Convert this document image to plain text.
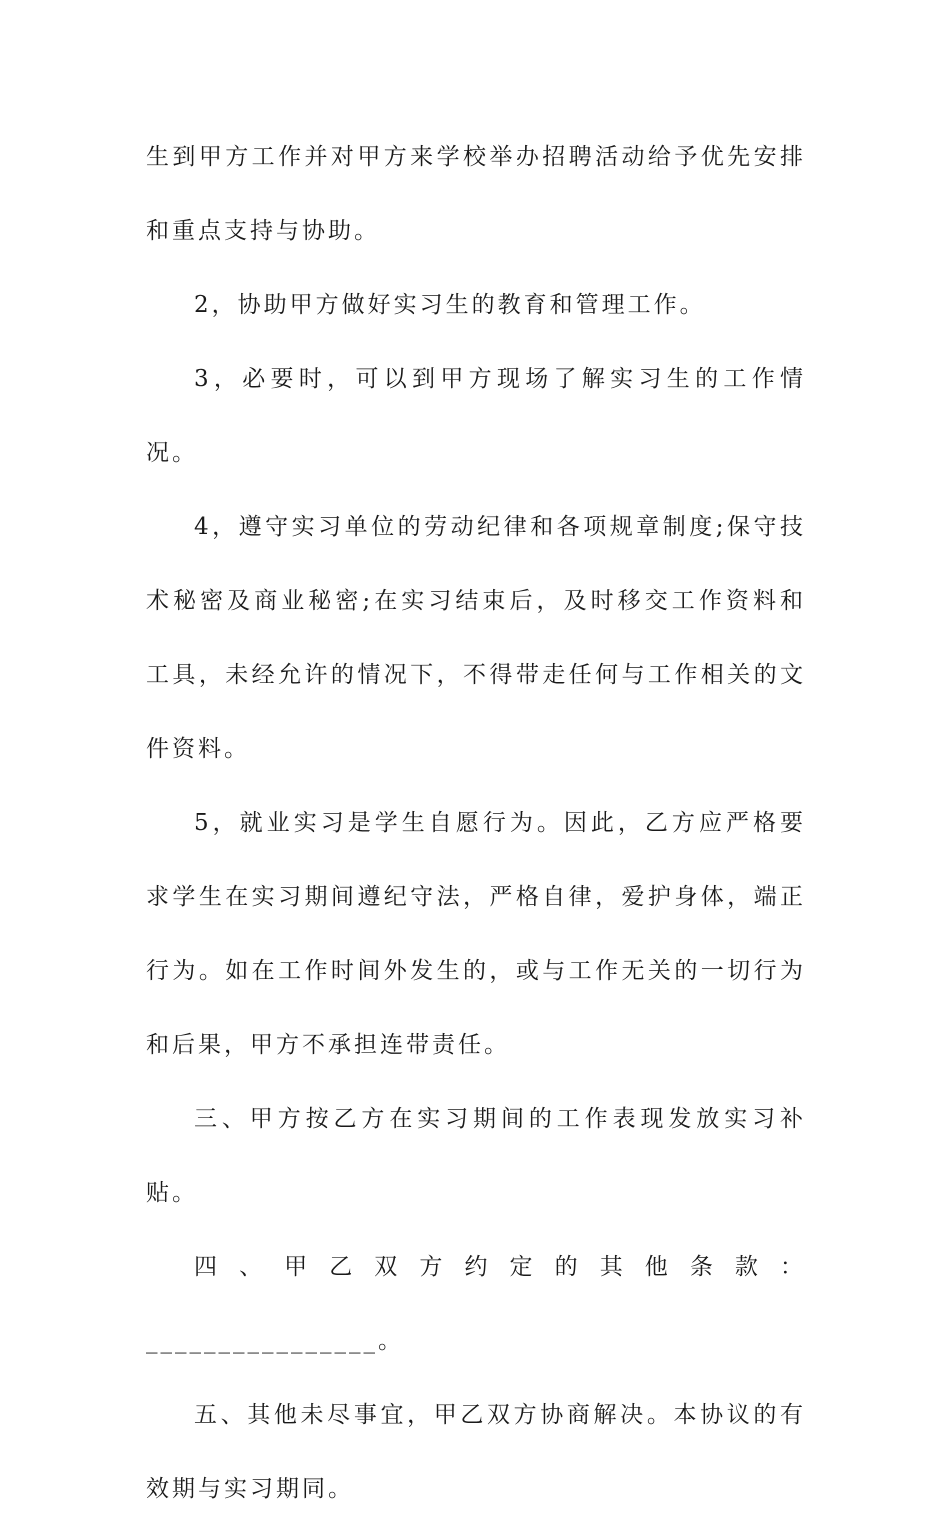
生到甲方工作并对甲方来学校举办招聘活动给予优先安排和重点支持与协助。

2，协助甲方做好实习生的教育和管理工作。

3，必要时，可以到甲方现场了解实习生的工作情况。

4，遵守实习单位的劳动纪律和各项规章制度;保守技术秘密及商业秘密;在实习结束后，及时移交工作资料和工具，未经允许的情况下，不得带走任何与工作相关的文件资料。

5，就业实习是学生自愿行为。因此，乙方应严格要求学生在实习期间遵纪守法，严格自律，爱护身体，端正行为。如在工作时间外发生的，或与工作无关的一切行为和后果，甲方不承担连带责任。

三、甲方按乙方在实习期间的工作表现发放实习补贴。

四、甲乙双方约定的其他条款：________________。

五、其他未尽事宜，甲乙双方协商解决。本协议的有效期与实习期同。
